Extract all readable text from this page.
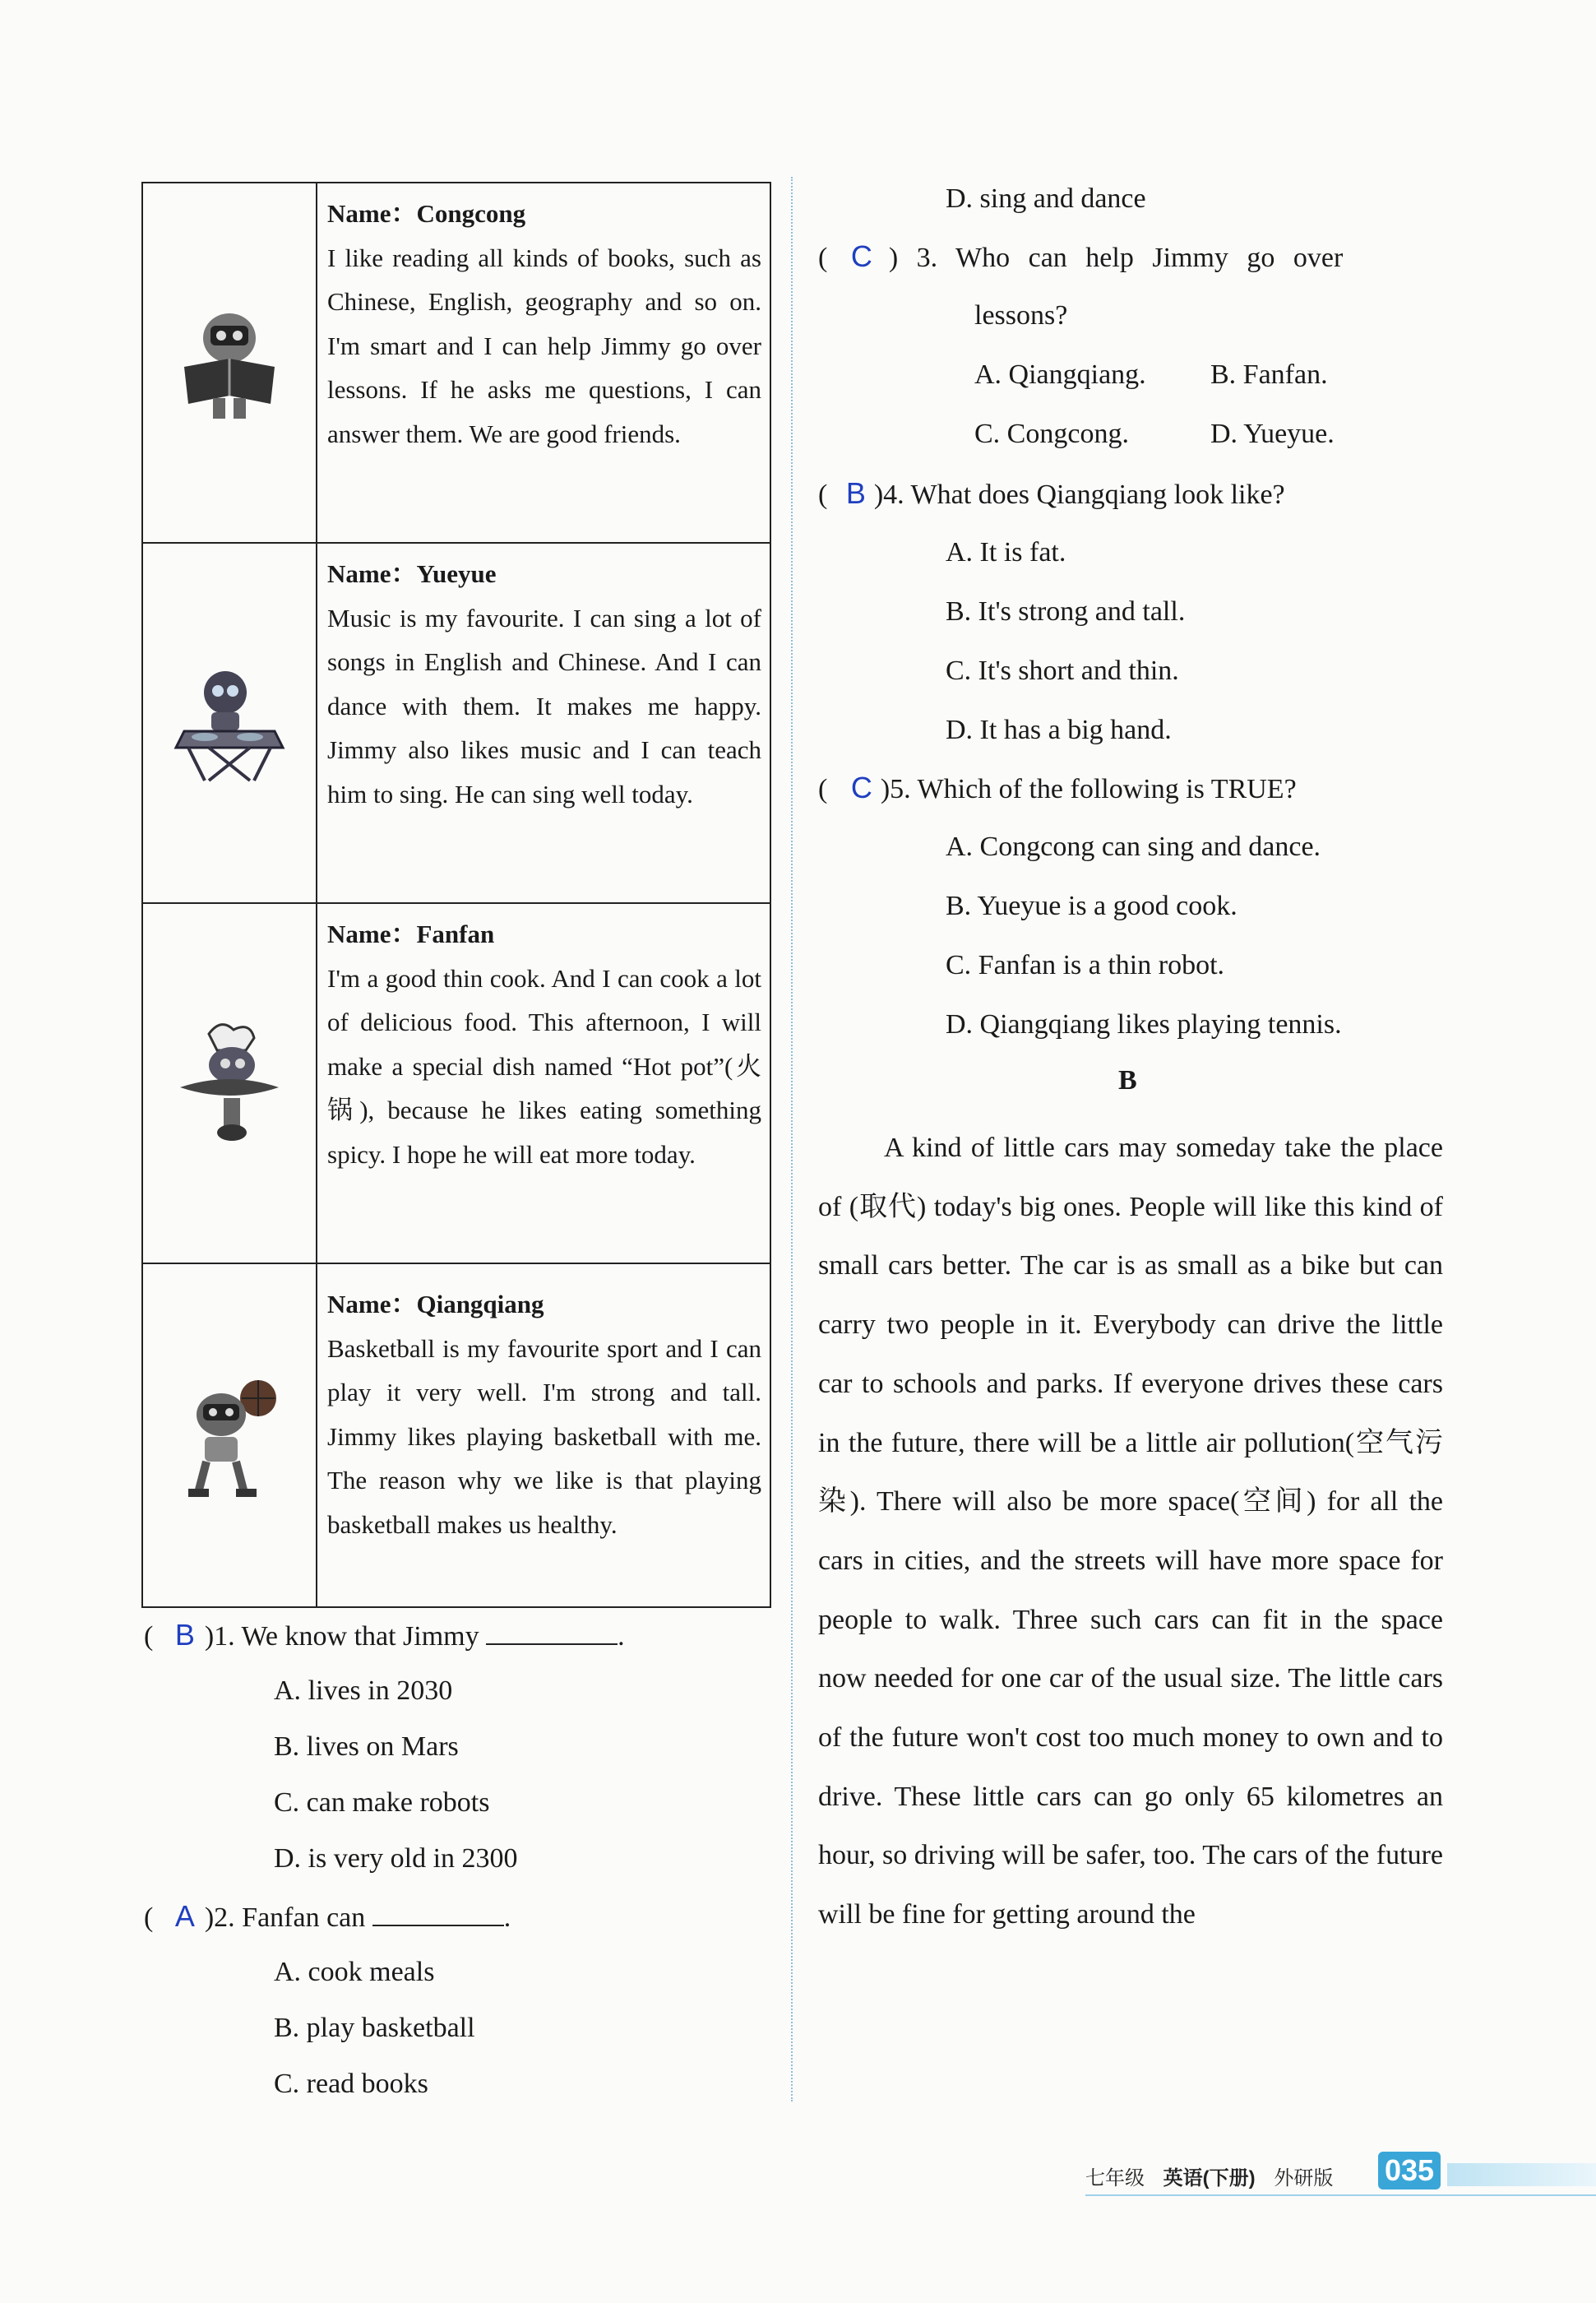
Name：Congcong
I like reading all kinds of books, such as Chinese, English, geography and so on. I'm smart and I can help Jimmy go over lessons. If he asks me questions, I can answer them. We are good friends.
Name：Yueyue
Music is my favourite. I can sing a lot of songs in English and Chinese. And I can dance with them. It makes me happy. Jimmy also likes music and I can teach him to sing. He can sing well today.
Name：Fanfan
I'm a good thin cook. And I can cook a lot of delicious food. This afternoon, I will make a special dish named “Hot pot”(火锅), because he likes eating something spicy. I hope he will eat more today.
Name：Qiangqiang
Basketball is my favourite sport and I can play it very well. I'm strong and tall. Jimmy likes playing basketball with me. The reason why we like is that playing basketball makes us healthy.
( B )1. We know that Jimmy	.
A. lives in 2030
B. lives on Mars
C. can make robots
D. is very old in 2300
( A )2. Fanfan can	.
A. cook meals
B. play basketball
C. read books
D. sing and dance
( C ) 3. Who can help Jimmy go over
lessons?
A. Qiangqiang. B. Fanfan.
C. Congcong.	D. Yueyue.
( B )4. What does Qiangqiang look like?
A. It is fat.
B. It's strong and tall.
C. It's short and thin.
D. It has a big hand.
( C )5. Which of the following is TRUE?
A. Congcong can sing and dance.
B. Yueyue is a good cook.
C. Fanfan is a thin robot.
D. Qiangqiang likes playing tennis.
B

A kind of little cars may someday take the place of (取代) today's big ones. People will like this kind of small cars better. The car is as small as a bike but can carry two people in it. Everybody can drive the little car to schools and parks. If everyone drives these cars in the future, there will be a little air pollution(空气污染). There will also be more space(空间) for all the cars in cities, and the streets will have more space for people to walk. Three such cars can fit in the space now needed for one car of the usual size. The little cars of the future won't cost too much money to own and to drive. These little cars can go only 65 kilometres an hour, so driving will be safer, too. The cars of the future will be fine for getting around the

七年级 英语(下册) 外研版	035
